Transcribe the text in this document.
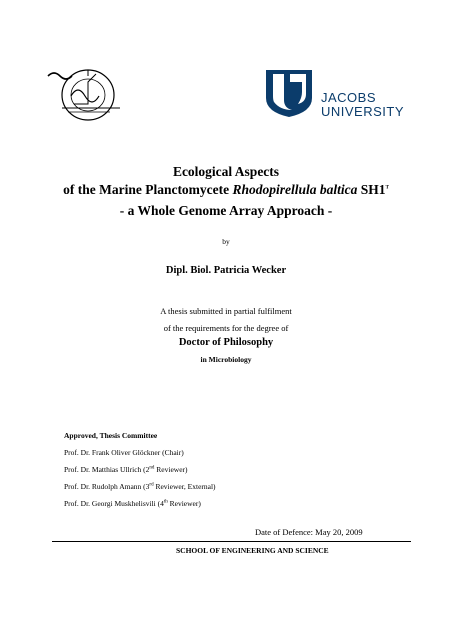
JACOBS
UNIVERSITY
Ecological Aspects
of the Marine Planctomycete Rhodopirellula baltica $SH1^T$
- a Whole Genome Array Approach -
by
Dipl. Biol. Patricia Wecker
A thesis submitted in partial fulfilment
of the requirements for the degree of
Doctor of Philosophy
in Microbiology
Approved, Thesis Committee
Prof. Dr. Frank Oliver Glöckner (Chair)
Prof. Dr. Matthias Ullrich (2nd Reviewer)
Prof. Dr. Rudolph Amann (3rd Reviewer, External)
Prof. Dr. Georgi Muskhelisvili (4th Reviewer)
Date of Defence: May 20, 2009
SCHOOL OF ENGINEERING AND SCIENCE
